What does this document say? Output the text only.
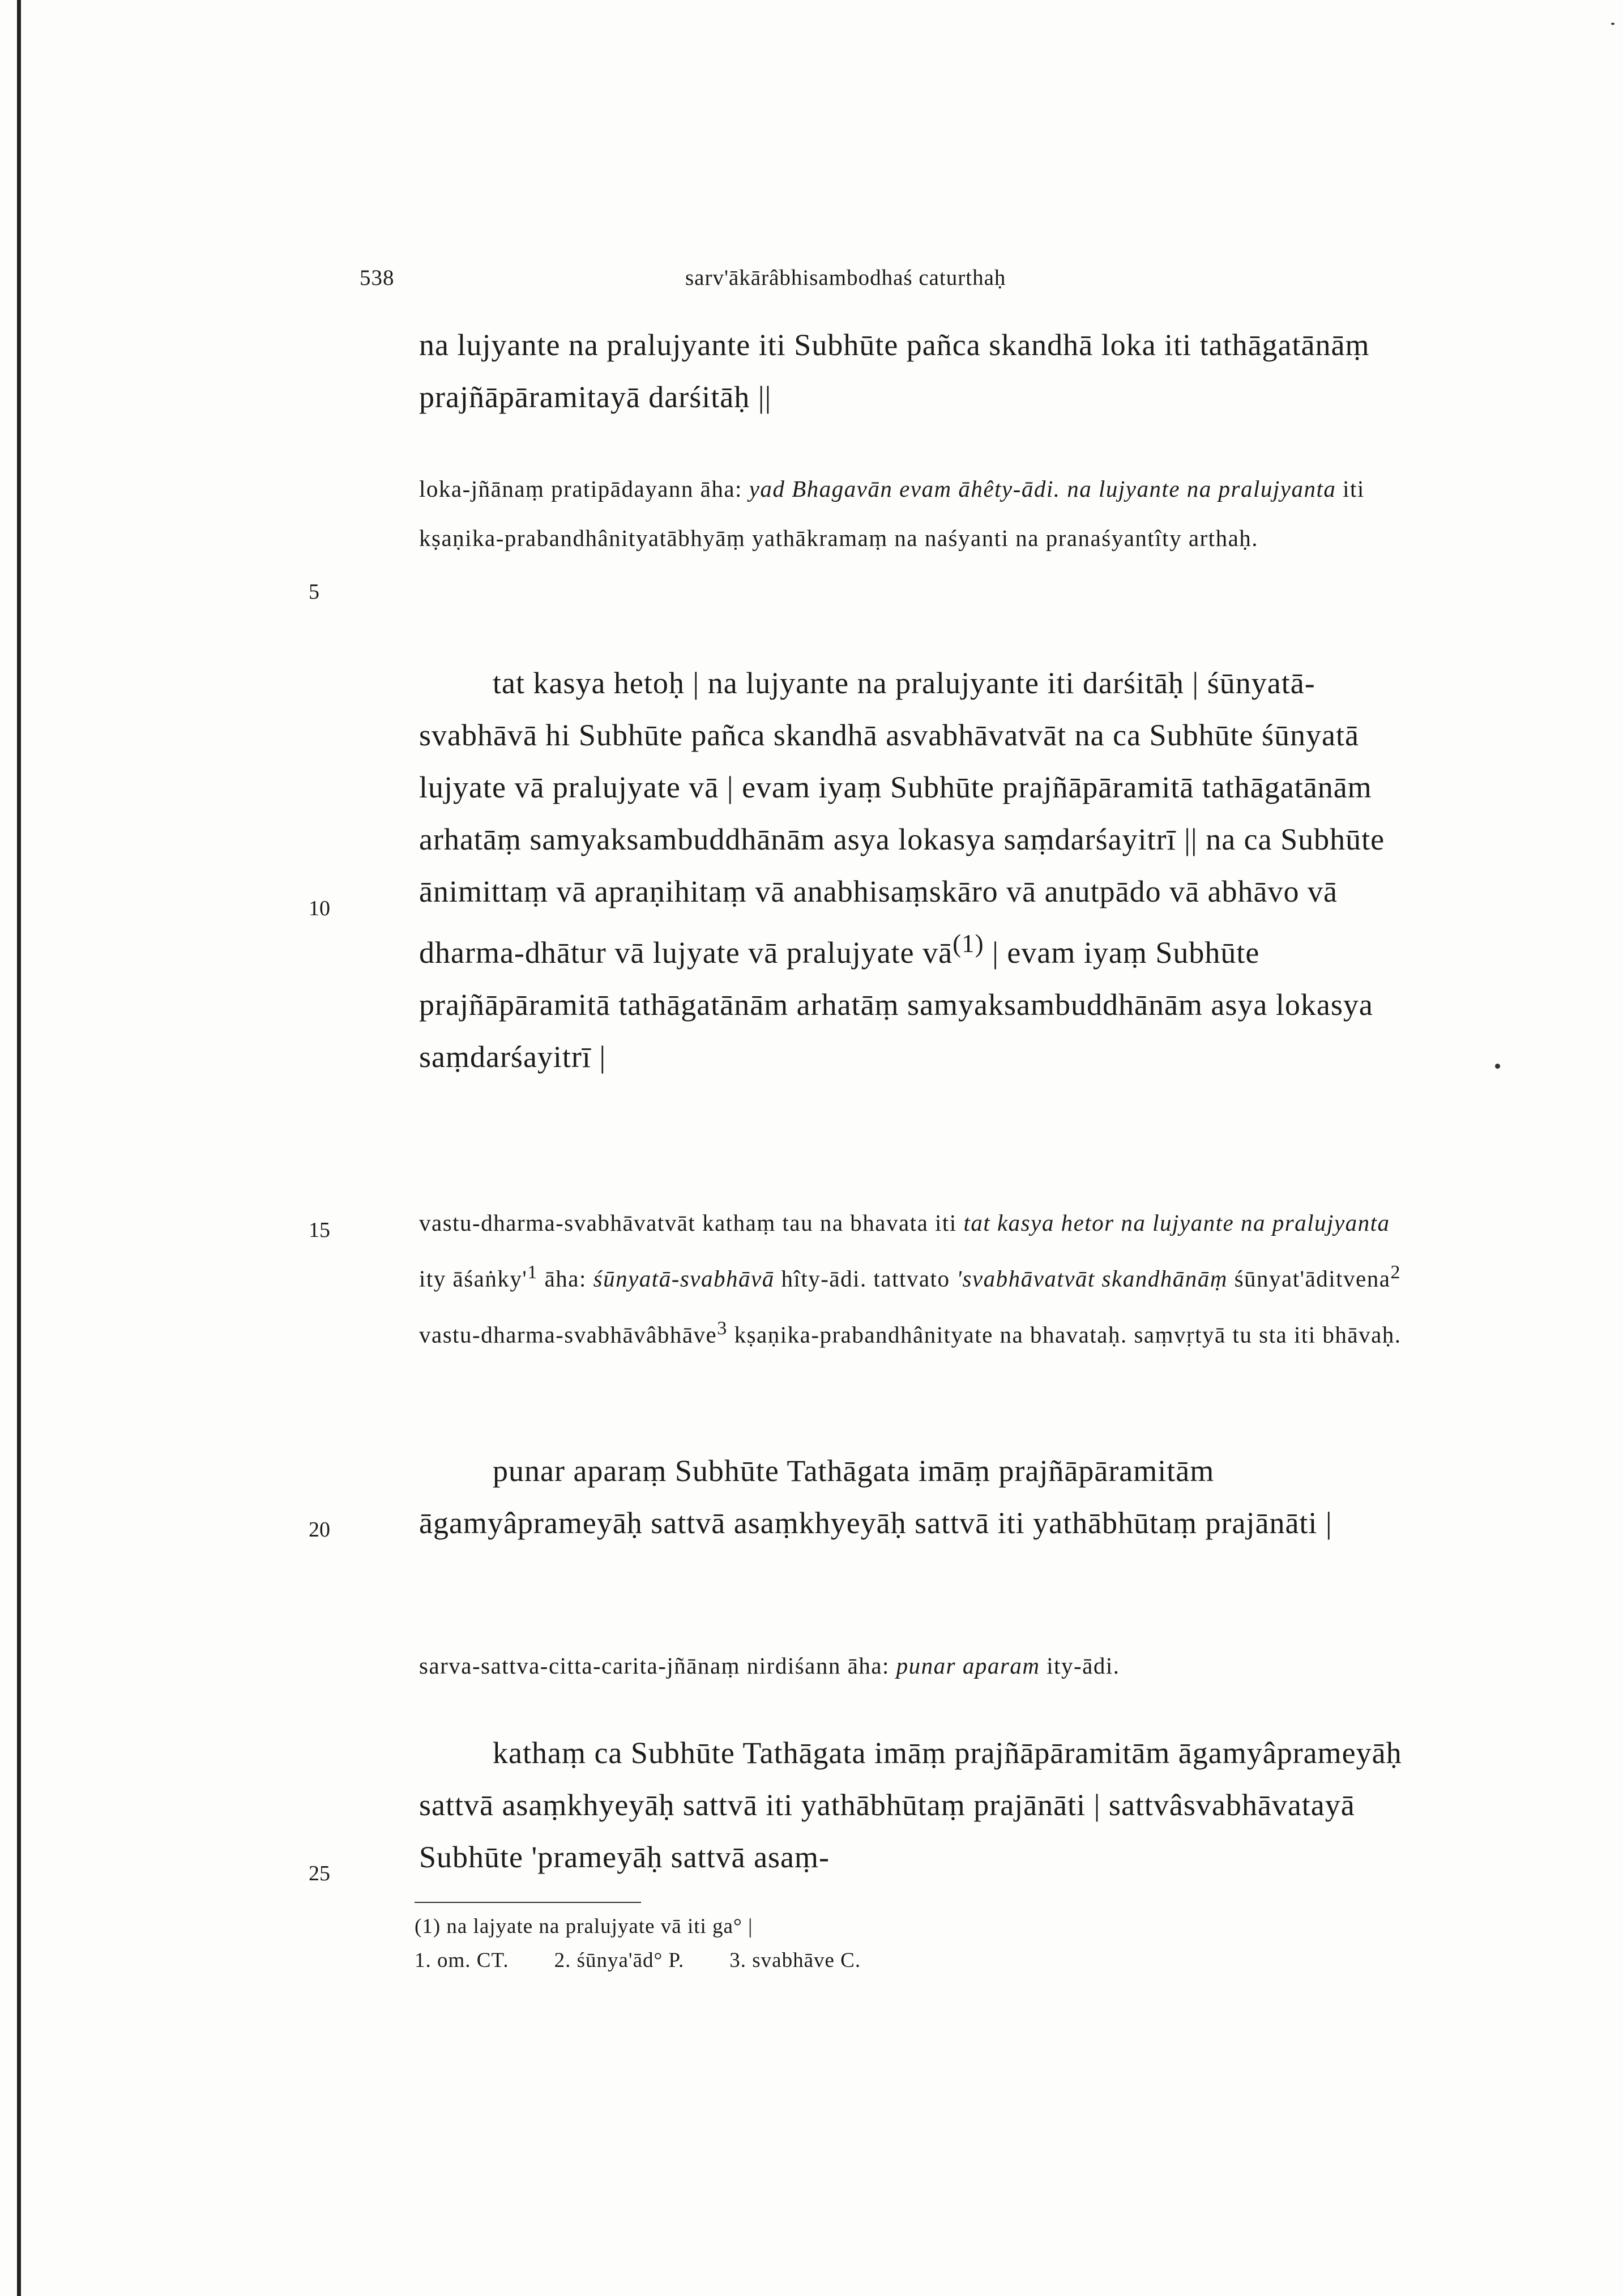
538	sarv'ākārâbhisambodhaś caturthaḥ

na lujyante na pralujyante iti Subhūte pañca skandhā loka iti tathāgatānāṃ prajñāpāramitayā darśitāḥ ||

loka-jñānaṃ pratipādayann āha: yad Bhagavān evam āhêty-ādi. na lujyante na pralujyanta iti kṣaṇika-prabandhânityatābhyāṃ yathākramaṃ na naśyanti na pranaśyantîty arthaḥ.

tat kasya hetoḥ | na lujyante na pralujyante iti darśitāḥ | śūnyatā-svabhāvā hi Subhūte pañca skandhā asvabhāvatvāt na ca Subhūte śūnyatā lujyate vā pralujyate vā | evam iyaṃ Subhūte prajñāpāramitā tathāgatānām arhatāṃ samyaksambuddhānām asya lokasya saṃdarśayitrī || na ca Subhūte ānimittaṃ vā apraṇihitaṃ vā anabhisaṃskāro vā anutpādo vā abhāvo vā dharma-dhātur vā lujyate vā pralujyate $vā^{(1)}$ | evam iyaṃ Subhūte prajñāpāramitā tathāgatānām arhatāṃ samyaksambuddhānām asya lokasya saṃdarśayitrī |

vastu-dharma-svabhāvatvāt kathaṃ tau na bhavata iti tat kasya hetor na lujyante na pralujyanta ity $āśaṅky'^1$ āha: śūnyatā-svabhāvā hîty-ādi. tattvato 'svabhāvatvāt skandhānāṃ śūnyat'āditvena$^2$ vastu-dharma-svabhāvâbhāve$^3$ kṣaṇika-prabandhânityate na bhavataḥ. saṃvṛtyā tu sta iti bhāvaḥ.

punar aparaṃ Subhūte Tathāgata imāṃ prajñāpāramitām āgamyâprameyāḥ sattvā asaṃkhyeyāḥ sattvā iti yathābhūtaṃ prajānāti |

sarva-sattva-citta-carita-jñānaṃ nirdiśann āha: punar aparam ity-ādi.

kathaṃ ca Subhūte Tathāgata imāṃ prajñāpāramitām āgamyâprameyāḥ sattvā asaṃkhyeyāḥ sattvā iti yathābhūtaṃ prajānāti | sattvâsvabhāvatayā Subhūte 'prameyāḥ sattvā asaṃ-

5
10
15
20
25
(1) na lajyate na pralujyate vā iti ga° |
1. om. CT. 2. śūnya'ād° P. 3. svabhāve C.
